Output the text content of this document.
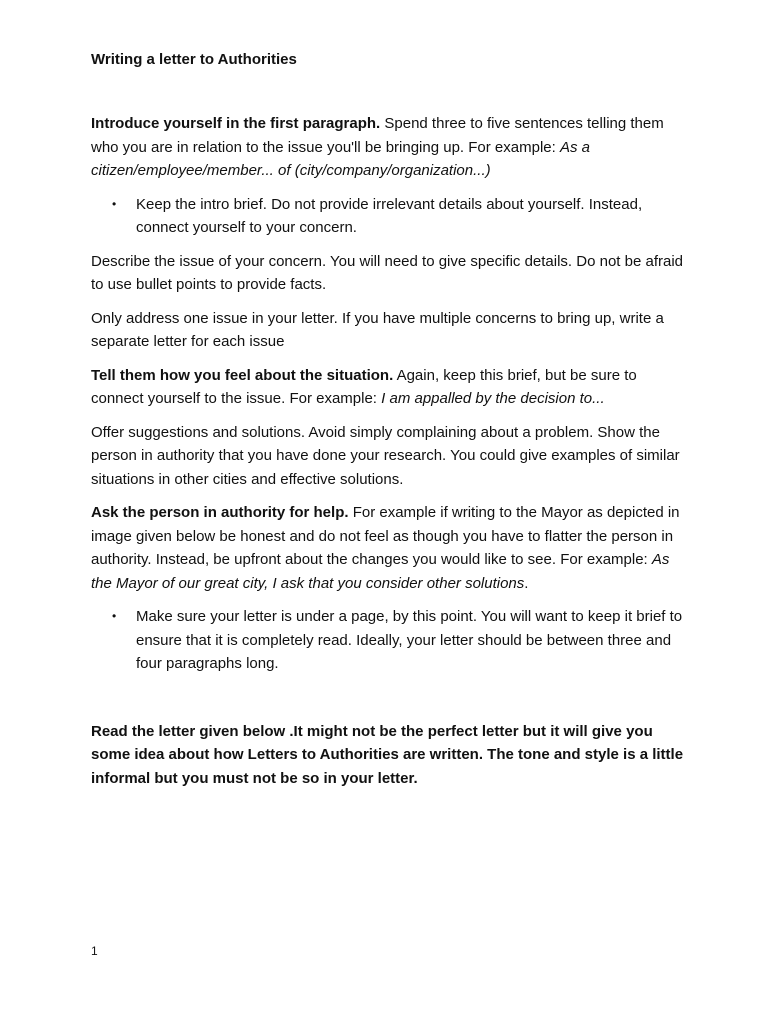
Writing a letter to Authorities

Introduce yourself in the first paragraph. Spend three to five sentences telling them who you are in relation to the issue you'll be bringing up. For example: As a citizen/employee/member... of (city/company/organization...)

• Keep the intro brief. Do not provide irrelevant details about yourself. Instead, connect yourself to your concern.

Describe the issue of your concern. You will need to give specific details. Do not be afraid to use bullet points to provide facts.

Only address one issue in your letter. If you have multiple concerns to bring up, write a separate letter for each issue

Tell them how you feel about the situation. Again, keep this brief, but be sure to connect yourself to the issue. For example: I am appalled by the decision to...

Offer suggestions and solutions. Avoid simply complaining about a problem. Show the person in authority that you have done your research. You could give examples of similar situations in other cities and effective solutions.

Ask the person in authority for help. For example if writing to the Mayor as depicted in image given below be honest and do not feel as though you have to flatter the person in authority. Instead, be upfront about the changes you would like to see. For example: As the Mayor of our great city, I ask that you consider other solutions.

• Make sure your letter is under a page, by this point. You will want to keep it brief to ensure that it is completely read. Ideally, your letter should be between three and four paragraphs long.

Read the letter given below .It might not be the perfect letter but it will give you some idea about how Letters to Authorities are written. The tone and style is a little informal but you must not be so in your letter.

1
